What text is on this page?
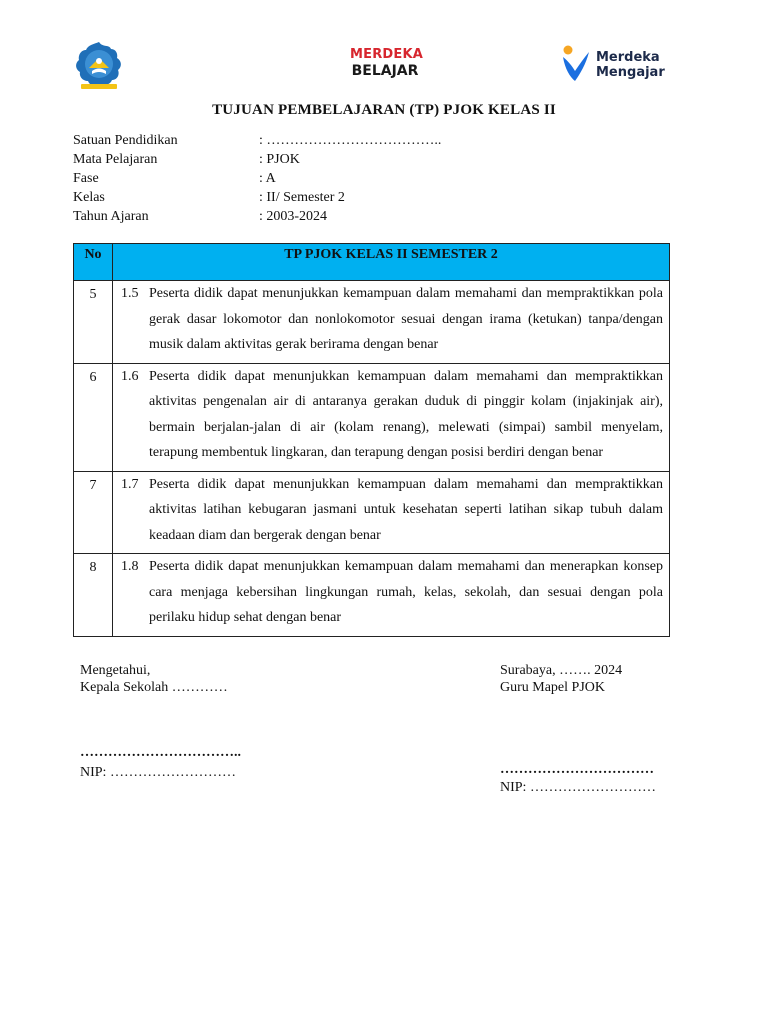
MERDEKA
BELAJAR
Merdeka
Mengajar
TUJUAN PEMBELAJARAN (TP) PJOK KELAS II
Satuan Pendidikan	: ………………………………..
Mata Pelajaran	: PJOK
Fase	: A
Kelas	: II/ Semester 2
Tahun Ajaran	: 2003-2024
No	TP PJOK KELAS II SEMESTER 2
5	1.5 Peserta didik dapat menunjukkan kemampuan dalam memahami dan mempraktikkan pola gerak dasar lokomotor dan nonlokomotor sesuai dengan irama (ketukan) tanpa/dengan musik dalam aktivitas gerak berirama dengan benar

6	1.6 Peserta didik dapat menunjukkan kemampuan dalam memahami dan mempraktikkan aktivitas pengenalan air di antaranya gerakan duduk di pinggir kolam (injakinjak air), bermain berjalan-jalan di air (kolam renang), melewati (simpai) sambil menyelam, terapung membentuk lingkaran, dan terapung dengan posisi berdiri dengan benar

7	1.7 Peserta didik dapat menunjukkan kemampuan dalam memahami dan mempraktikkan aktivitas latihan kebugaran jasmani untuk kesehatan seperti latihan sikap tubuh dalam keadaan diam dan bergerak dengan benar

8	1.8 Peserta didik dapat menunjukkan kemampuan dalam memahami dan menerapkan konsep cara menjaga kebersihan lingkungan rumah, kelas, sekolah, dan sesuai dengan pola perilaku hidup sehat dengan benar
Mengetahui,
Kepala Sekolah …………
Surabaya, ……. 2024
Guru Mapel PJOK
……………………………..
NIP: ………………………	……………………………
NIP: ………………………
